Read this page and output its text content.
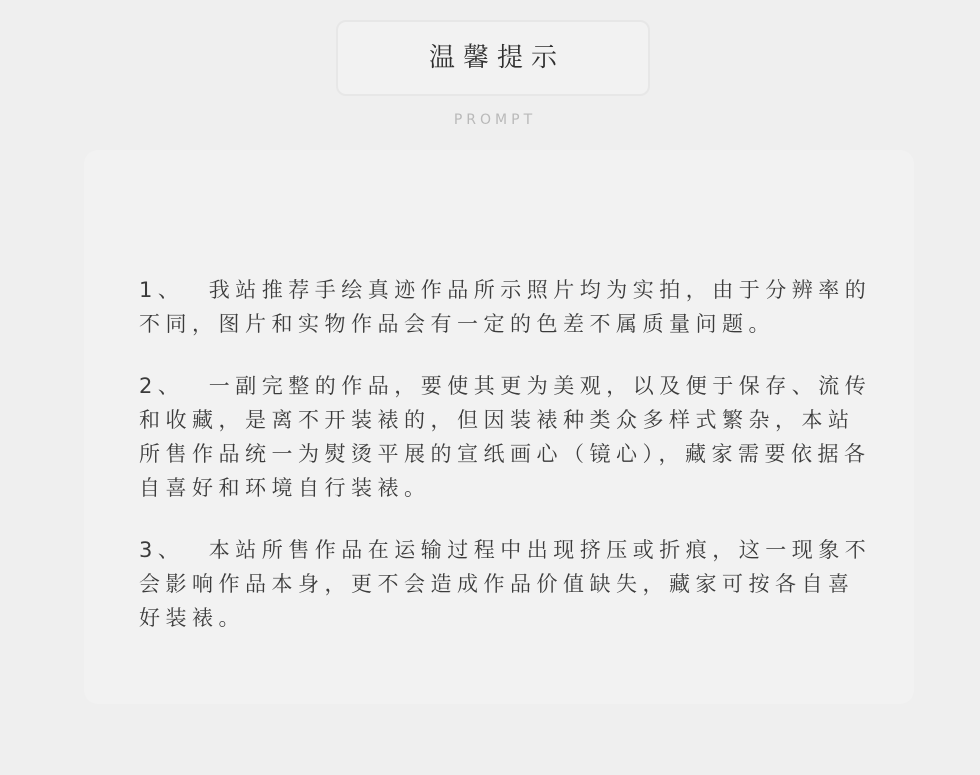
温馨提示
PROMPT

1、  我站推荐手绘真迹作品所示照片均为实拍，由于分辨率的不同，图片和实物作品会有一定的色差不属质量问题。

2、  一副完整的作品，要使其更为美观，以及便于保存、流传和收藏，是离不开装裱的，但因装裱种类众多样式繁杂，本站所售作品统一为熨烫平展的宣纸画心（镜心），藏家需要依据各自喜好和环境自行装裱。

3、  本站所售作品在运输过程中出现挤压或折痕，这一现象不会影响作品本身，更不会造成作品价值缺失，藏家可按各自喜好装裱。
